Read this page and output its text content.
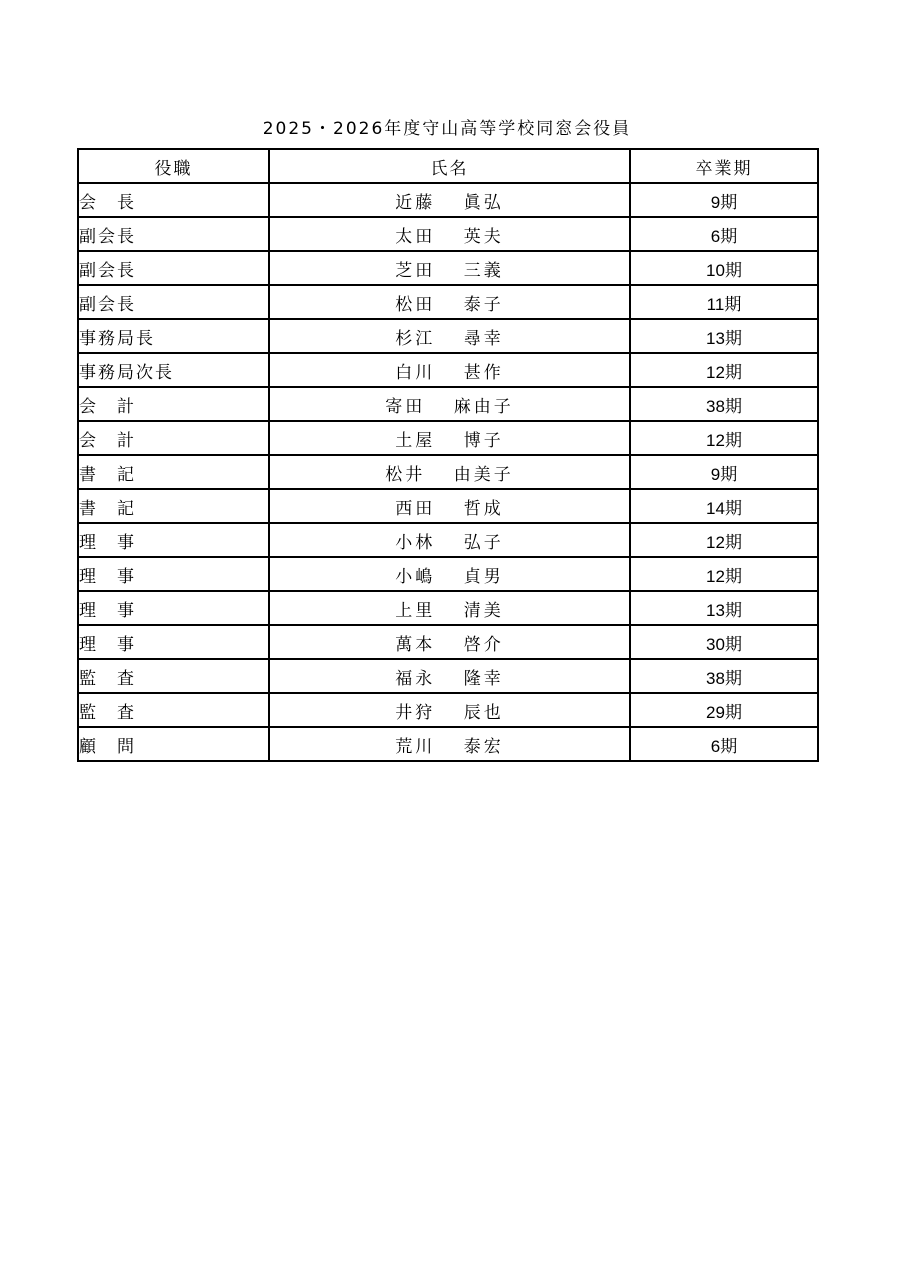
2025・2026年度守山高等学校同窓会役員
役職	氏名	卒業期
会　長	近藤　 眞弘	9期
副会長	太田　 英夫	6期
副会長	芝田　 三義	10期
副会長	松田　 泰子	11期
事務局長	杉江　 尋幸	13期
事務局次長	白川　 甚作	12期
会　計	寄田　 麻由子	38期
会　計	土屋　 博子	12期
書　記	松井　 由美子	9期
書　記	西田　 哲成	14期
理　事	小林　 弘子	12期
理　事	小嶋　 貞男	12期
理　事	上里　 清美	13期
理　事	萬本　 啓介	30期
監　査	福永　 隆幸	38期
監　査	井狩　 辰也	29期
顧　問	荒川　 泰宏	6期
